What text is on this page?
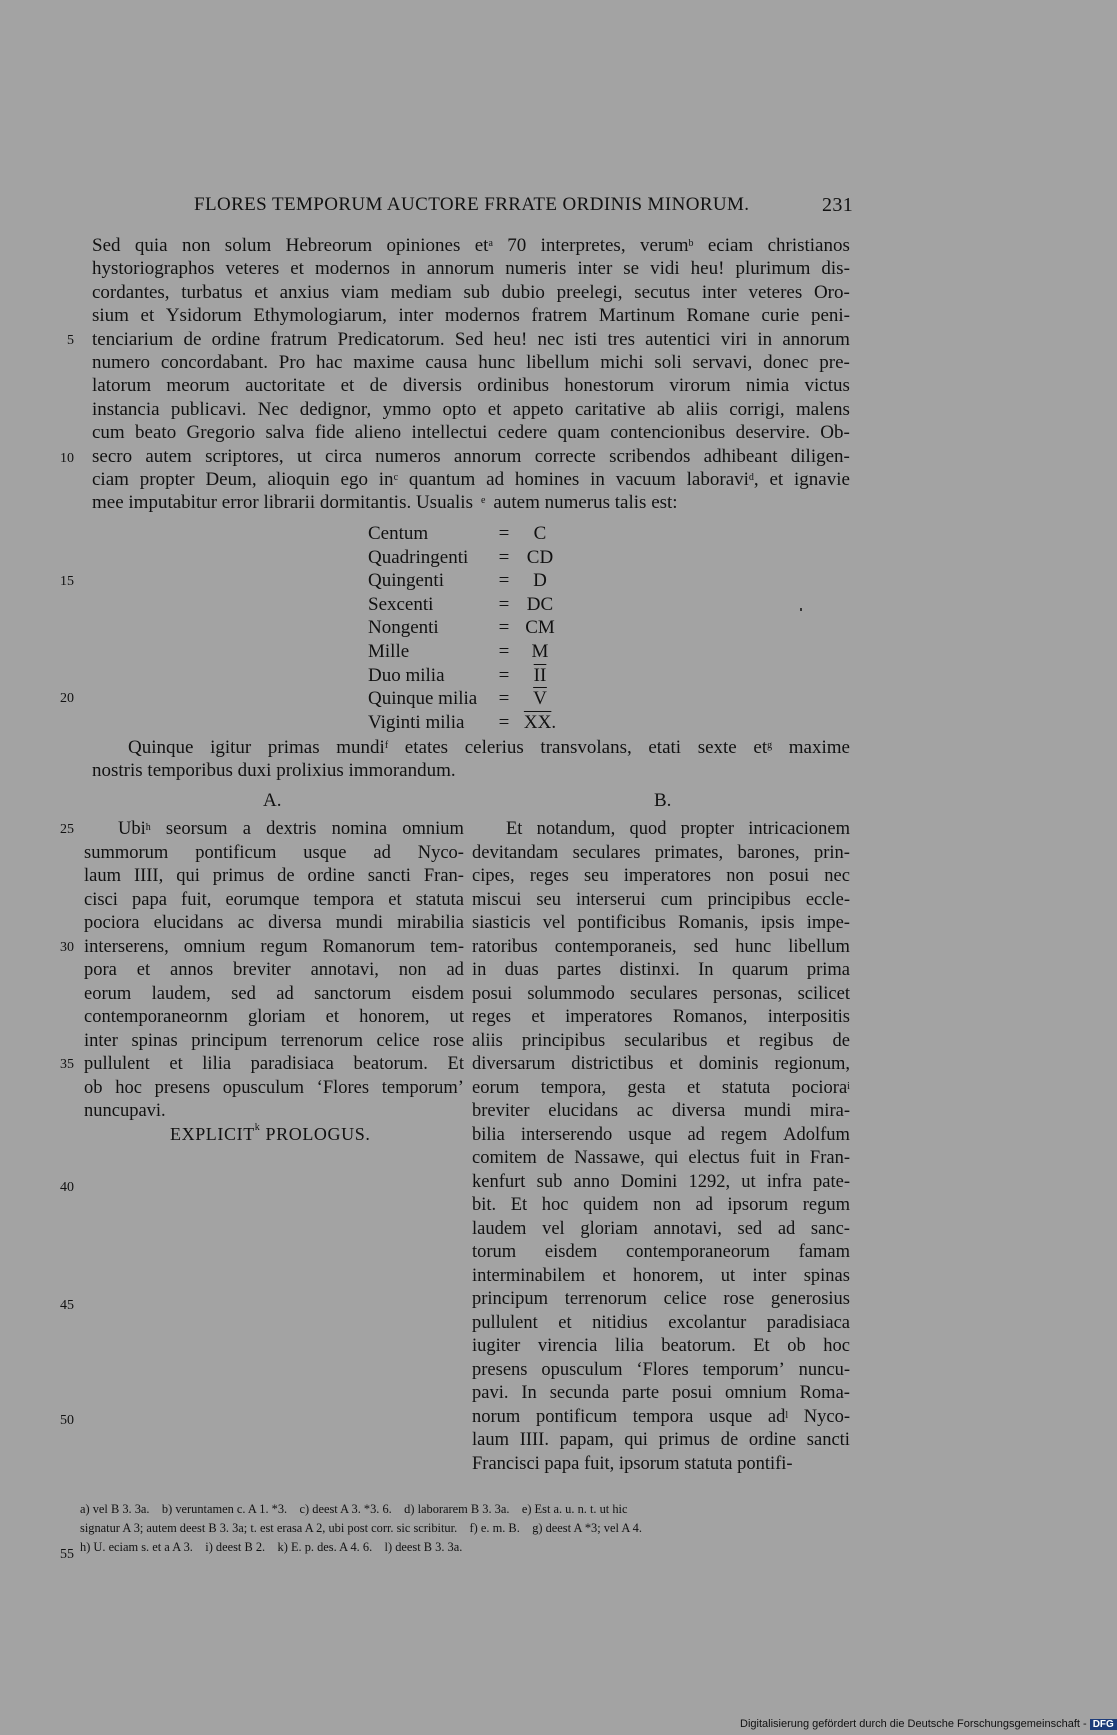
FLORES TEMPORUM AUCTORE FRRATE ORDINIS MINORUM.	231
Sed quia non solum Hebreorum opiniones $et^a$ 70 interpretes, verum$^b$ eciam christianos
hystoriographos veteres et modernos in annorum numeris inter se vidi heu! plurimum dis-
cordantes, turbatus et anxius viam mediam sub dubio preelegi, secutus inter veteres Oro-
sium et Ysidorum Ethymologiarum, inter modernos fratrem Martinum Romane curie peni-
tenciarium de ordine fratrum Predicatorum. Sed heu! nec isti tres autentici viri in annorum
numero concordabant. Pro hac maxime causa hunc libellum michi soli servavi, donec pre-
latorum meorum auctoritate et de diversis ordinibus honestorum virorum nimia victus
instancia publicavi. Nec dedignor, ymmo opto et appeto caritative ab aliis corrigi, malens
cum beato Gregorio salva fide alieno intellectui cedere quam contencionibus deservire. Ob-
secro autem scriptores, ut circa numeros annorum correcte scribendos adhibeant diligen-
ciam propter Deum, alioquin ego $in^c$ quantum ad homines in vacuum laboravi$^d$, et ignavie
mee imputabitur error librarii dormitantis. Usualis $^e$ autem numerus talis est:
5
10
15
20
25
30
35
40
45
50
55
Centum	=	C
Quadringenti	= CD
Quingenti	=	D
Sexcenti	= DC
Nongenti	= CM
Mille	=	M
Duo milia	=	$\overline{II}$
Quinque milia	=	$\overline{V}$
Viginti milia	= $\overline{XX}$.
Quinque igitur primas mundi$^f$ etates celerius transvolans, etati sexte $et^g$ maxime
nostris temporibus duxi prolixius immorandum.
A.	B.
Ubi$^h$ seorsum a dextris nomina omnium
summorum pontificum usque ad Nyco-
laum IIII, qui primus de ordine sancti Fran-
cisci papa fuit, eorumque tempora et statuta
pociora elucidans ac diversa mundi mirabilia
interserens, omnium regum Romanorum tem-
pora et annos breviter annotavi, non ad
eorum laudem, sed ad sanctorum eisdem
contemporaneornm gloriam et honorem, ut
inter spinas principum terrenorum celice rose
pullulent et lilia paradisiaca beatorum. Et
ob hoc presens opusculum ‘Flores temporum’
nuncupavi.
EXPLICIT$^k$ PROLOGUS.
Et notandum, quod propter intricacionem
devitandam seculares primates, barones, prin-
cipes, reges seu imperatores non posui nec
miscui seu interserui cum principibus eccle-
siasticis vel pontificibus Romanis, ipsis impe-
ratoribus contemporaneis, sed hunc libellum
in duas partes distinxi. In quarum prima
posui solummodo seculares personas, scilicet
reges et imperatores Romanos, interpositis
aliis principibus secularibus et regibus de
diversarum districtibus et dominis regionum,
eorum tempora, gesta et statuta pociora$^i$
breviter elucidans ac diversa mundi mira-
bilia interserendo usque ad regem Adolfum
comitem de Nassawe, qui electus fuit in Fran-
kenfurt sub anno Domini 1292, ut infra pate-
bit. Et hoc quidem non ad ipsorum regum
laudem vel gloriam annotavi, sed ad sanc-
torum eisdem contemporaneorum famam
interminabilem et honorem, ut inter spinas
principum terrenorum celice rose generosius
pullulent et nitidius excolantur paradisiaca
iugiter virencia lilia beatorum. Et ob hoc
presens opusculum ‘Flores temporum’ nuncu-
pavi. In secunda parte posui omnium Roma-
norum pontificum tempora usque $ad^l$ Nyco-
laum IIII. papam, qui primus de ordine sancti
Francisci papa fuit, ipsorum statuta pontifi-
a) vel B 3. 3a.    b) veruntamen c. A 1. *3.    c) deest A 3. *3. 6.    d) laborarem B 3. 3a.    e) Est a. u. n. t. ut hic
signatur A 3; autem deest B 3. 3a; t. est erasa A 2, ubi post corr. sic scribitur.    f) e. m. B.    g) deest A *3; vel A 4.
h) U. eciam s. et a A 3.    i) deest B 2.    k) E. p. des. A 4. 6.    l) deest B 3. 3a.
Digitalisierung gefördert durch die Deutsche Forschungsgemeinschaft - DFG
